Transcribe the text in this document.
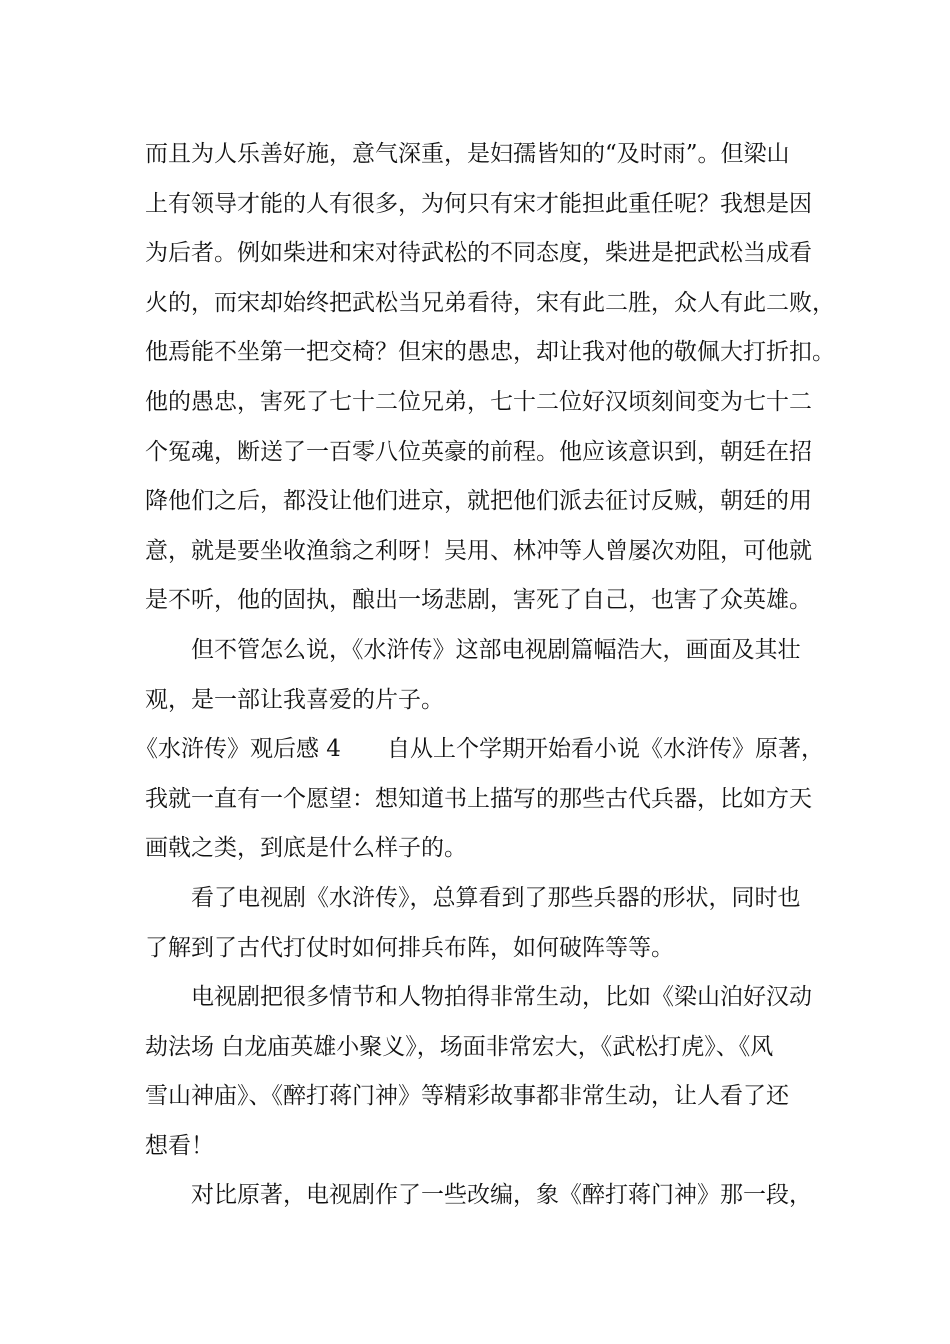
而且为人乐善好施，意气深重，是妇孺皆知的“及时雨”。但梁山
上有领导才能的人有很多，为何只有宋才能担此重任呢？我想是因
为后者。例如柴进和宋对待武松的不同态度，柴进是把武松当成看
火的，而宋却始终把武松当兄弟看待，宋有此二胜，众人有此二败，
他焉能不坐第一把交椅？但宋的愚忠，却让我对他的敬佩大打折扣。
他的愚忠，害死了七十二位兄弟，七十二位好汉顷刻间变为七十二
个冤魂，断送了一百零八位英豪的前程。他应该意识到，朝廷在招
降他们之后，都没让他们进京，就把他们派去征讨反贼，朝廷的用
意，就是要坐收渔翁之利呀！吴用、林冲等人曾屡次劝阻，可他就
是不听，他的固执，酿出一场悲剧，害死了自己，也害了众英雄。
但不管怎么说，《水浒传》这部电视剧篇幅浩大，画面及其壮
观，是一部让我喜爱的片子。
《水浒传》观后感 4　　自从上个学期开始看小说《水浒传》原著，
我就一直有一个愿望：想知道书上描写的那些古代兵器，比如方天
画戟之类，到底是什么样子的。
看了电视剧《水浒传》，总算看到了那些兵器的形状，同时也
了解到了古代打仗时如何排兵布阵，如何破阵等等。
电视剧把很多情节和人物拍得非常生动，比如《梁山泊好汉动
劫法场 白龙庙英雄小聚义》，场面非常宏大，《武松打虎》、《风
雪山神庙》、《醉打蒋门神》等精彩故事都非常生动，让人看了还
想看！
对比原著，电视剧作了一些改编，象《醉打蒋门神》那一段，
